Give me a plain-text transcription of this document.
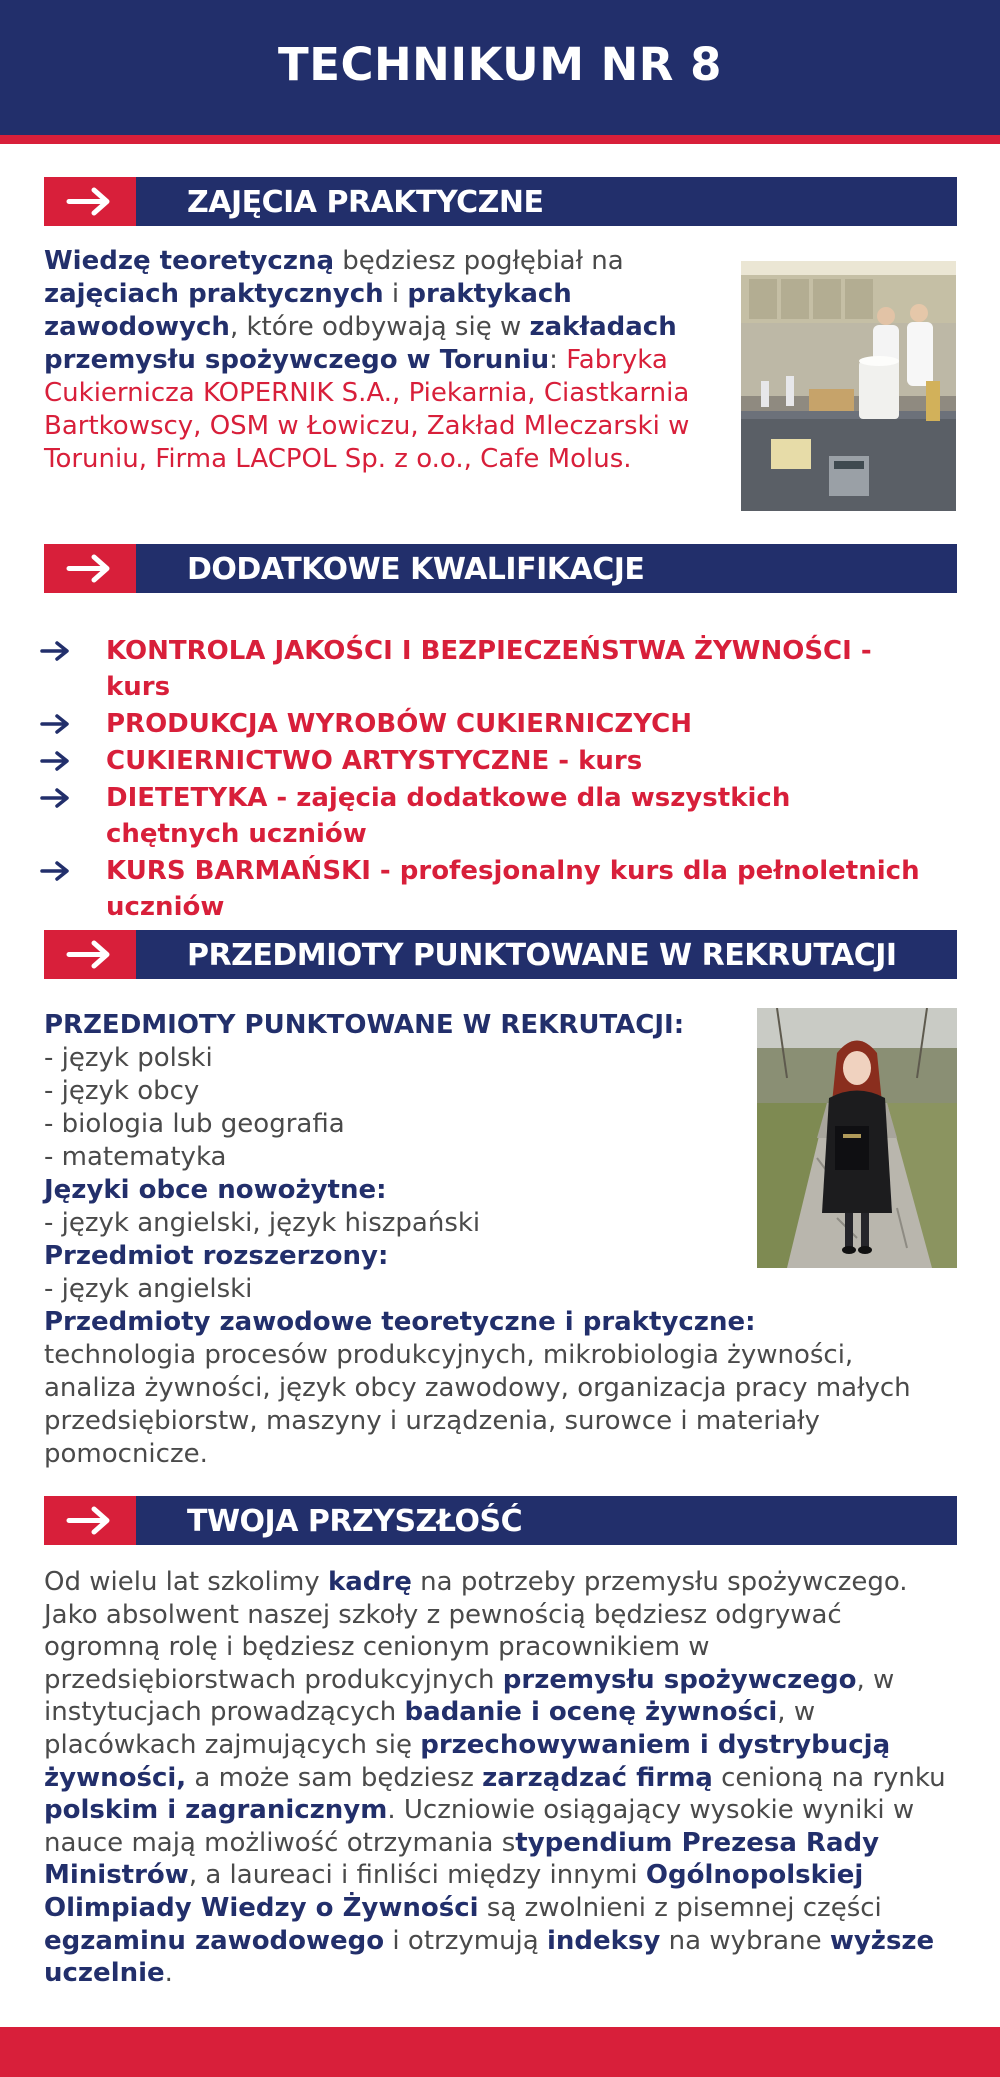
TECHNIKUM NR 8
ZAJĘCIA PRAKTYCZNE
Wiedzę teoretyczną będziesz pogłębiał na zajęciach praktycznych i praktykach zawodowych, które odbywają się w zakładach przemysłu spożywczego w Toruniu: Fabryka Cukiernicza KOPERNIK S.A., Piekarnia, Ciastkarnia Bartkowscy, OSM w Łowiczu, Zakład Mleczarski w Toruniu, Firma LACPOL Sp. z o.o., Cafe Molus.
DODATKOWE KWALIFIKACJE
KONTROLA JAKOŚCI I BEZPIECZEŃSTWA ŻYWNOŚCI - kurs
PRODUKCJA WYROBÓW CUKIERNICZYCH
CUKIERNICTWO ARTYSTYCZNE - kurs
DIETETYKA - zajęcia dodatkowe dla wszystkich chętnych uczniów
KURS BARMAŃSKI - profesjonalny kurs dla pełnoletnich uczniów
PRZEDMIOTY PUNKTOWANE W REKRUTACJI
PRZEDMIOTY PUNKTOWANE W REKRUTACJI:
- język polski
- język obcy
- biologia lub geografia
- matematyka
Języki obce nowożytne:
- język angielski, język hiszpański
Przedmiot rozszerzony:
- język angielski
Przedmioty zawodowe teoretyczne i praktyczne:
technologia procesów produkcyjnych, mikrobiologia żywności, analiza żywności, język obcy zawodowy, organizacja pracy małych przedsiębiorstw, maszyny i urządzenia, surowce i materiały pomocnicze.
TWOJA PRZYSZŁOŚĆ
Od wielu lat szkolimy kadrę na potrzeby przemysłu spożywczego. Jako absolwent naszej szkoły z pewnością będziesz odgrywać ogromną rolę i będziesz cenionym pracownikiem w przedsiębiorstwach produkcyjnych przemysłu spożywczego, w instytucjach prowadzących badanie i ocenę żywności, w placówkach zajmujących się przechowywaniem i dystrybucją żywności, a może sam będziesz zarządzać firmą cenioną na rynku polskim i zagranicznym. Uczniowie osiągający wysokie wyniki w nauce mają możliwość otrzymania stypendium Prezesa Rady Ministrów, a laureaci i finliści między innymi Ogólnopolskiej Olimpiady Wiedzy o Żywności są zwolnieni z pisemnej części egzaminu zawodowego i otrzymują indeksy na wybrane wyższe uczelnie.
